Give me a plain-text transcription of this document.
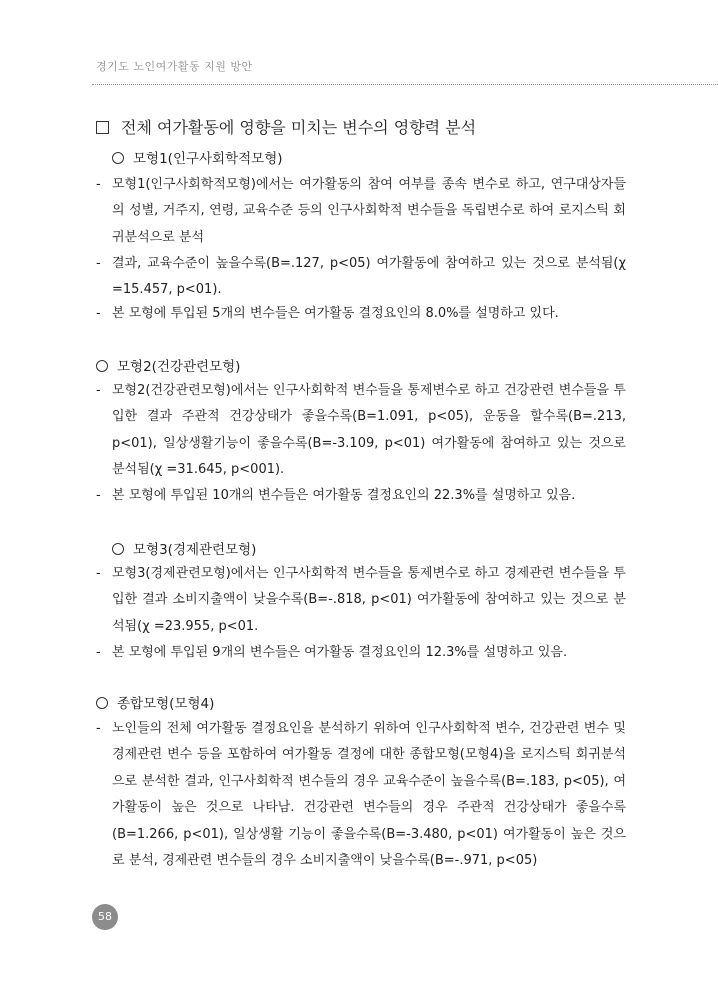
경기도 노인여가활동 지원 방안
전체 여가활동에 영향을 미치는 변수의 영향력 분석
모형1(인구사회학적모형)
- 모형1(인구사회학적모형)에서는 여가활동의 참여 여부를 종속 변수로 하고, 연구대상자들의 성별, 거주지, 연령, 교육수준 등의 인구사회학적 변수들을 독립변수로 하여 로지스틱 회귀분석으로 분석
- 결과, 교육수준이 높을수록(B=.127, p<05) 여가활동에 참여하고 있는 것으로 분석됨(χ =15.457, p<01).
- 본 모형에 투입된 5개의 변수들은 여가활동 결정요인의 8.0%를 설명하고 있다.
모형2(건강관련모형)
- 모형2(건강관련모형)에서는 인구사회학적 변수들을 통제변수로 하고 건강관련 변수들을 투입한 결과 주관적 건강상태가 좋을수록(B=1.091, p<05), 운동을 할수록(B=.213, p<01), 일상생활기능이 좋을수록(B=-3.109, p<01) 여가활동에 참여하고 있는 것으로 분석됨(χ =31.645, p<001).
- 본 모형에 투입된 10개의 변수들은 여가활동 결정요인의 22.3%를 설명하고 있음.
모형3(경제관련모형)
- 모형3(경제관련모형)에서는 인구사회학적 변수들을 통제변수로 하고 경제관련 변수들을 투입한 결과 소비지출액이 낮을수록(B=-.818, p<01) 여가활동에 참여하고 있는 것으로 분석됨(χ =23.955, p<01.
- 본 모형에 투입된 9개의 변수들은 여가활동 결정요인의 12.3%를 설명하고 있음.
종합모형(모형4)
- 노인들의 전체 여가활동 결정요인을 분석하기 위하여 인구사회학적 변수, 건강관련 변수 및 경제관련 변수 등을 포함하여 여가활동 결정에 대한 종합모형(모형4)을 로지스틱 회귀분석으로 분석한 결과, 인구사회학적 변수들의 경우 교육수준이 높을수록(B=.183, p<05), 여가활동이 높은 것으로 나타남. 건강관련 변수들의 경우 주관적 건강상태가 좋을수록(B=1.266, p<01), 일상생활 기능이 좋을수록(B=-3.480, p<01) 여가활동이 높은 것으로 분석, 경제관련 변수들의 경우 소비지출액이 낮을수록(B=-.971, p<05)
58
